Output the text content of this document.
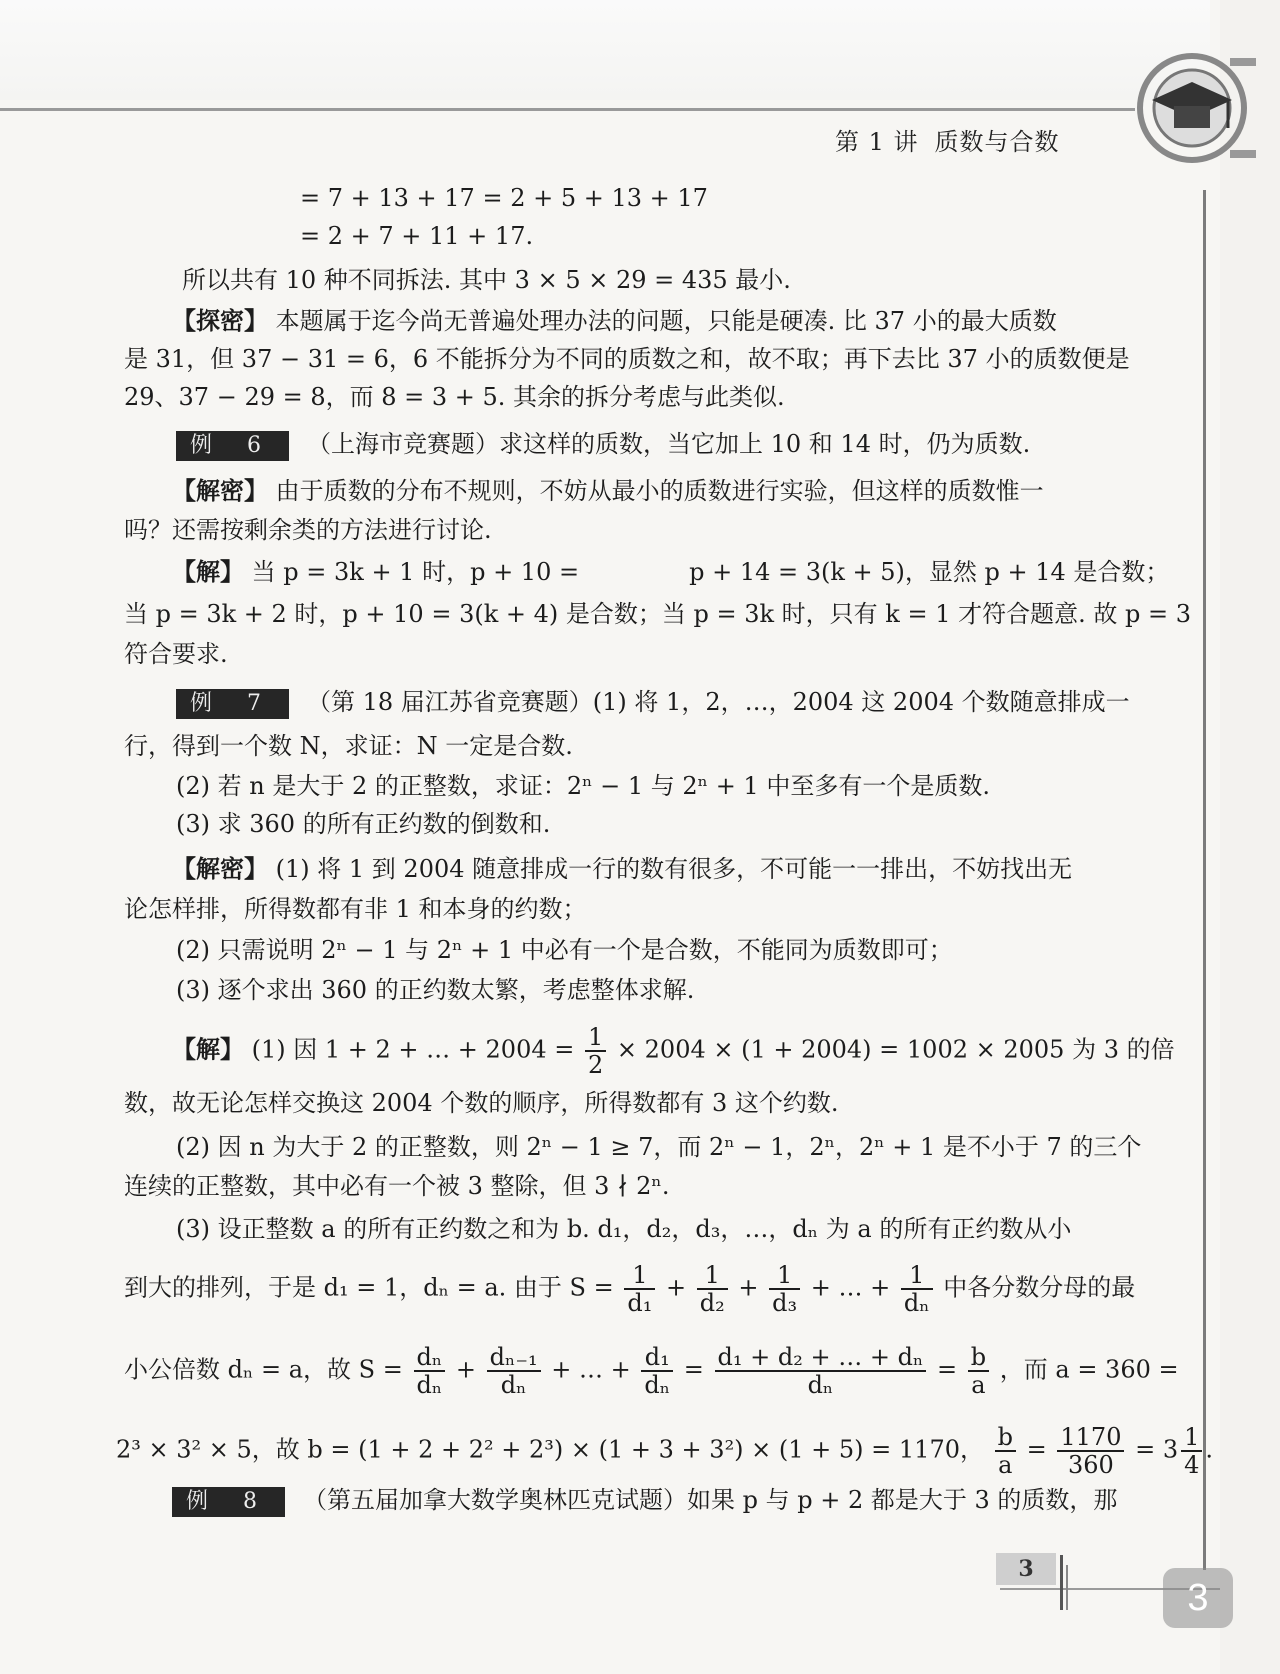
第 1 讲 质数与合数
= 7 + 13 + 17 = 2 + 5 + 13 + 17
= 2 + 7 + 11 + 17.
所以共有 10 种不同拆法. 其中 3 × 5 × 29 = 435 最小.
【探密】 本题属于迄今尚无普遍处理办法的问题，只能是硬凑. 比 37 小的最大质数
是 31，但 37 − 31 = 6，6 不能拆分为不同的质数之和，故不取；再下去比 37 小的质数便是
29、37 − 29 = 8，而 8 = 3 + 5. 其余的拆分考虑与此类似.
例 6 （上海市竞赛题）求这样的质数，当它加上 10 和 14 时，仍为质数.
【解密】 由于质数的分布不规则，不妨从最小的质数进行实验，但这样的质数惟一
吗？还需按剩余类的方法进行讨论.
【解】 当 p = 3k + 1 时，p + 10 =	p + 14 = 3(k + 5)，显然 p + 14 是合数；
当 p = 3k + 2 时，p + 10 = 3(k + 4) 是合数；当 p = 3k 时，只有 k = 1 才符合题意. 故 p = 3
符合要求.
例 7 （第 18 届江苏省竞赛题）(1) 将 1，2，…，2004 这 2004 个数随意排成一
行，得到一个数 N，求证：N 一定是合数.
(2) 若 n 是大于 2 的正整数，求证：2ⁿ − 1 与 2ⁿ + 1 中至多有一个是质数.
(3) 求 360 的所有正约数的倒数和.
【解密】 (1) 将 1 到 2004 随意排成一行的数有很多，不可能一一排出，不妨找出无
论怎样排，所得数都有非 1 和本身的约数；
(2) 只需说明 2ⁿ − 1 与 2ⁿ + 1 中必有一个是合数，不能同为质数即可；
(3) 逐个求出 360 的正约数太繁，考虑整体求解.
【解】 (1) 因 1 + 2 + … + $2004 = \frac{1}{2} \times 2004 \times (1 + 2004) = 1002 \times 2005$ 为 3 的倍
数，故无论怎样交换这 2004 个数的顺序，所得数都有 3 这个约数.
(2) 因 n 为大于 2 的正整数，则 2ⁿ − 1 ≥ 7，而 2ⁿ − 1，2ⁿ，2ⁿ + 1 是不小于 7 的三个
连续的正整数，其中必有一个被 3 整除，但 3 ∤ 2ⁿ.
(3) 设正整数 a 的所有正约数之和为 b. d₁，d₂，d₃，…，dₙ 为 a 的所有正约数从小
到大的排列，于是 d₁ = 1，dₙ = a. 由于 $S = \frac{1}{\text{d₁}} + \frac{1}{\text{d₂}} + \frac{1}{\text{d₃}}$ + … + $\frac{1}{\text{dₙ}}$ 中各分数分母的最
小公倍数 dₙ = a，故 $S = \frac{\text{dₙ}}{\text{dₙ}} + \frac{\text{dₙ₋₁}}{\text{dₙ}}$ + … + $\frac{\text{d₁}}{\text{dₙ}} = \frac{\text{d₁ + d₂ + … + dₙ}}{\text{dₙ}} = \frac{b}{a}$ ，而 a = 360 =
2³ × 3² × 5，故 b = (1 + 2 + 2² + 2³) × (1 + 3 + 3²) × (1 + 5) = 1170， $\frac{b}{a} = \frac{1170}{360} = 3 \frac{1}{4}$ .
例 8 （第五届加拿大数学奥林匹克试题）如果 p 与 p + 2 都是大于 3 的质数，那
3
3
